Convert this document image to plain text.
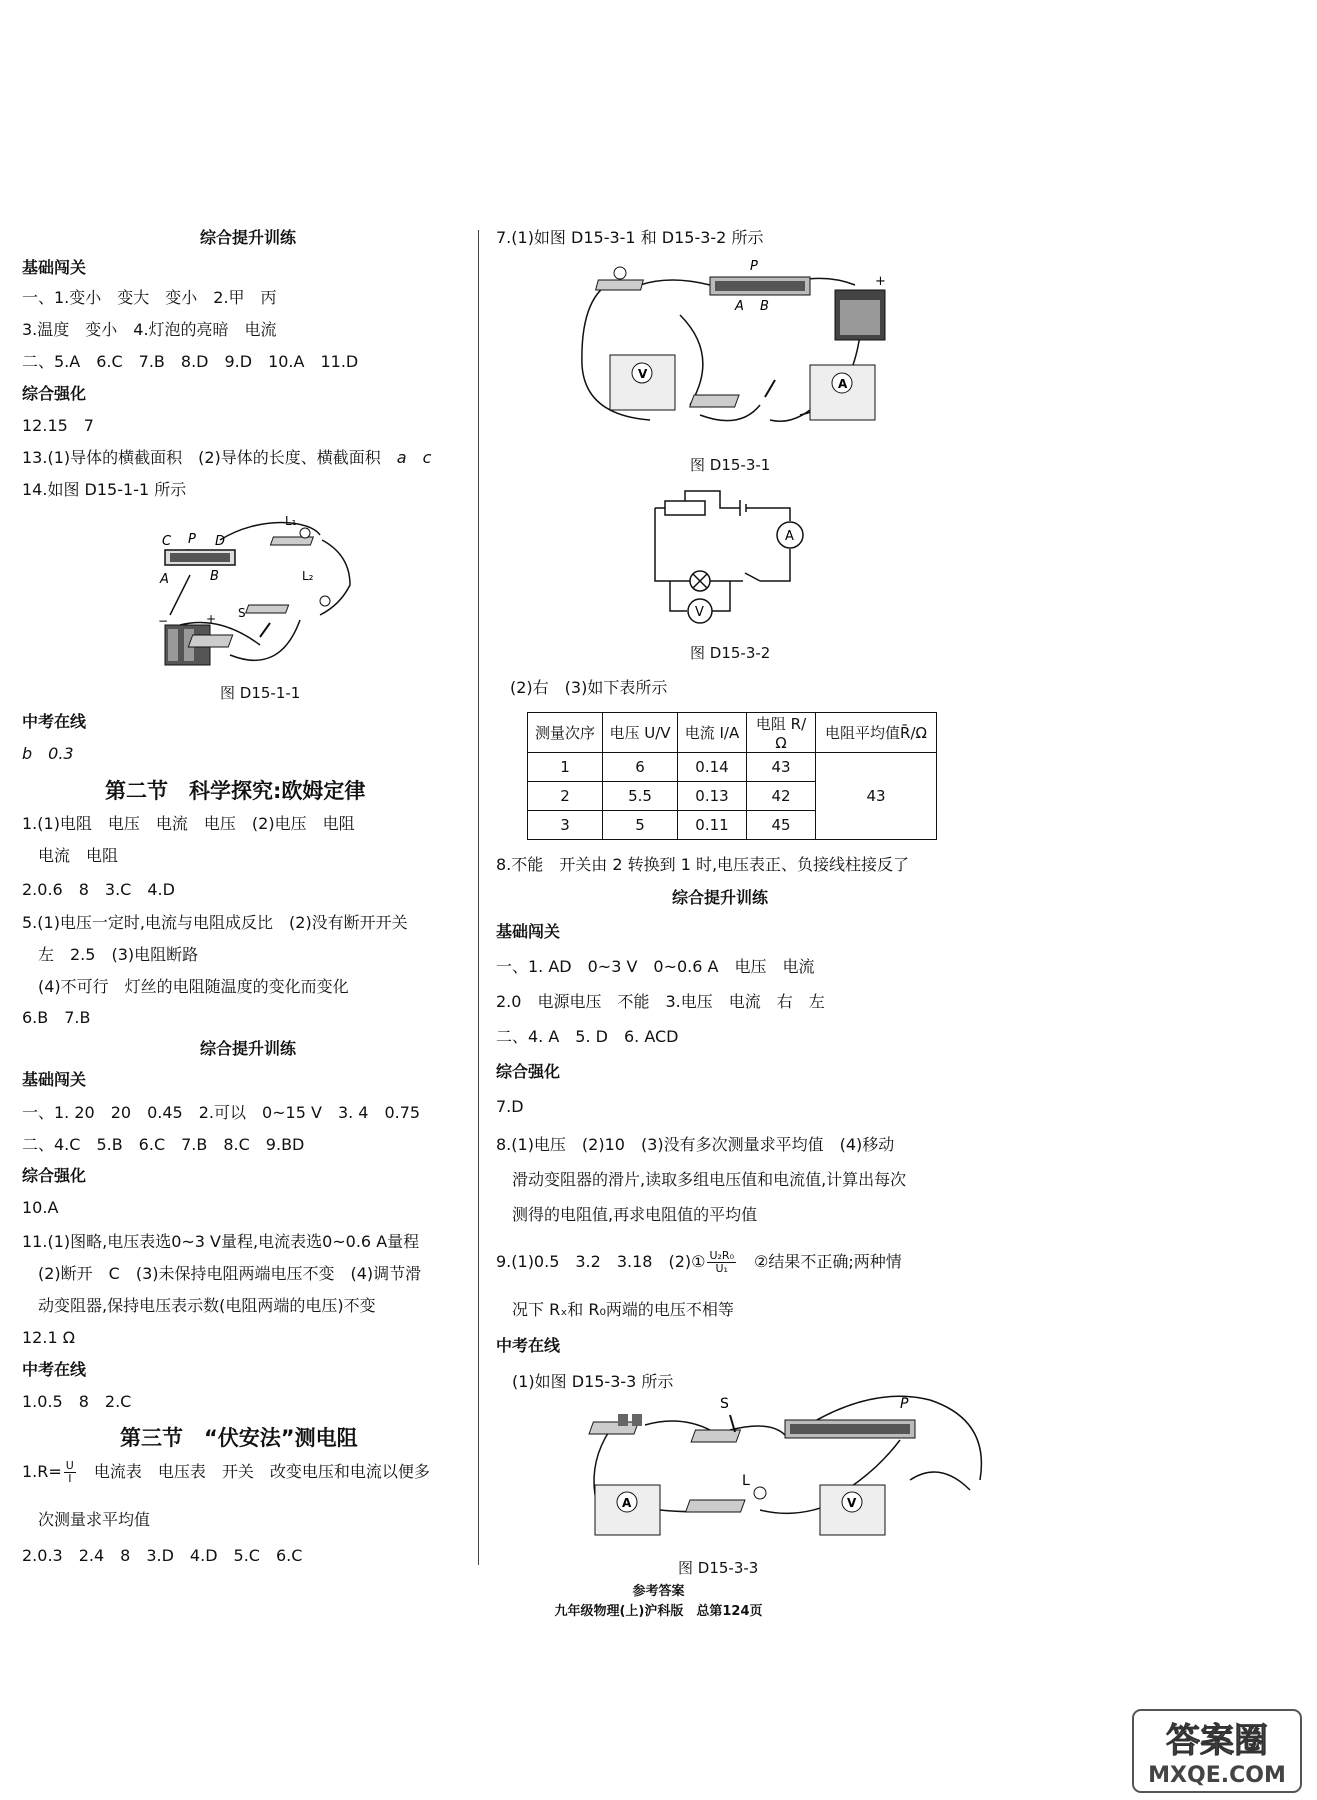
综合提升训练
基础闯关
一、1.变小　变大　变小　2.甲　丙
3.温度　变小　4.灯泡的亮暗　电流
二、5.A　6.C　7.B　8.D　9.D　10.A　11.D
综合强化
12.15　7
13.(1)导体的横截面积　(2)导体的长度、横截面积　a　c
14.如图 D15-1-1 所示
C P D
A	B
L₁
L₂
S
−	+
图 D15-1-1
中考在线
b　0.3
第二节　科学探究:欧姆定律
1.(1)电阻　电压　电流　电压　(2)电压　电阻
电流　电阻
2.0.6　8　3.C　4.D
5.(1)电压一定时,电流与电阻成反比　(2)没有断开开关
左　2.5　(3)电阻断路
(4)不可行　灯丝的电阻随温度的变化而变化
6.B　7.B
综合提升训练
基础闯关
一、1. 20　20　0.45　2.可以　0~15 V　3. 4　0.75
二、4.C　5.B　6.C　7.B　8.C　9.BD
综合强化
10.A
11.(1)图略,电压表选0~3 V量程,电流表选0~0.6 A量程
(2)断开　C　(3)未保持电阻两端电压不变　(4)调节滑
动变阻器,保持电压表示数(电阻两端的电压)不变
12.1 Ω
中考在线
1.0.5　8　2.C
第三节　“伏安法”测电阻
$1.R= \frac{U}{I}$ 　电流表　电压表　开关　改变电压和电流以便多
次测量求平均值
2.0.3　2.4　8　3.D　4.D　5.C　6.C
7.(1)如图 D15-3-1 和 D15-3-2 所示
V
A
P
A B
+
图 D15-3-1
A
V
图 D15-3-2
(2)右　(3)如下表所示
测量次序	电压 U/V	电流 I/A	电阻 R/Ω	电阻平均值R̄/Ω
1	6	0.14	43	43
2	5.5	0.13	42	
3	5	0.11	45	
8.不能　开关由 2 转换到 1 时,电压表正、负接线柱接反了
综合提升训练
基础闯关
一、1. AD　0~3 V　0~0.6 A　电压　电流
2.0　电源电压　不能　3.电压　电流　右　左
二、4. A　5. D　6. ACD
综合强化
7.D
8.(1)电压　(2)10　(3)没有多次测量求平均值　(4)移动
滑动变阻器的滑片,读取多组电压值和电流值,计算出每次
测得的电阻值,再求电阻值的平均值
9.(1)0.5　3.2　3.18　(2)① $\frac{\text{U₂R₀}}{\text{U₁}}$ 　②结果不正确;两种情
况下 Rₓ和 R₀两端的电压不相等
中考在线
(1)如图 D15-3-3 所示
A	V
S	P
L
图 D15-3-3
参考答案
九年级物理(上)沪科版　总第124页
答案圈
MXQE.COM
